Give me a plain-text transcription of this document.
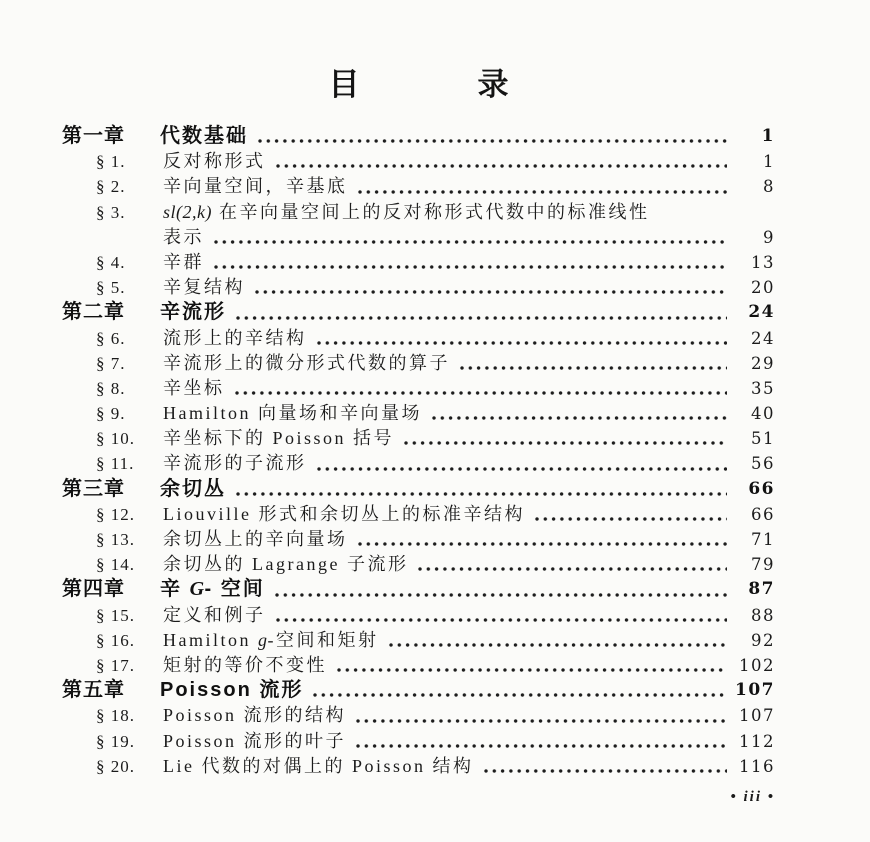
目	录
第一章	代数基础	1
§ 1.	反对称形式	1
§ 2.	辛向量空间，辛基底	8
§ 3.	sl(2,k) 在辛向量空间上的反对称形式代数中的标准线性
表示	9
§ 4.	辛群	13
§ 5.	辛复结构	20
第二章	辛流形	24
§ 6.	流形上的辛结构	24
§ 7.	辛流形上的微分形式代数的算子	29
§ 8.	辛坐标	35
§ 9.	Hamilton 向量场和辛向量场	40
§ 10.	辛坐标下的 Poisson 括号	51
§ 11.	辛流形的子流形	56
第三章	余切丛	66
§ 12.	Liouville 形式和余切丛上的标准辛结构	66
§ 13.	余切丛上的辛向量场	71
§ 14.	余切丛的 Lagrange 子流形	79
第四章	辛 G- 空间	87
§ 15.	定义和例子	88
§ 16.	Hamilton g-空间和矩射	92
§ 17.	矩射的等价不变性	102
第五章	Poisson 流形	107
§ 18.	Poisson 流形的结构	107
§ 19.	Poisson 流形的叶子	112
§ 20.	Lie 代数的对偶上的 Poisson 结构	116
• iii •
